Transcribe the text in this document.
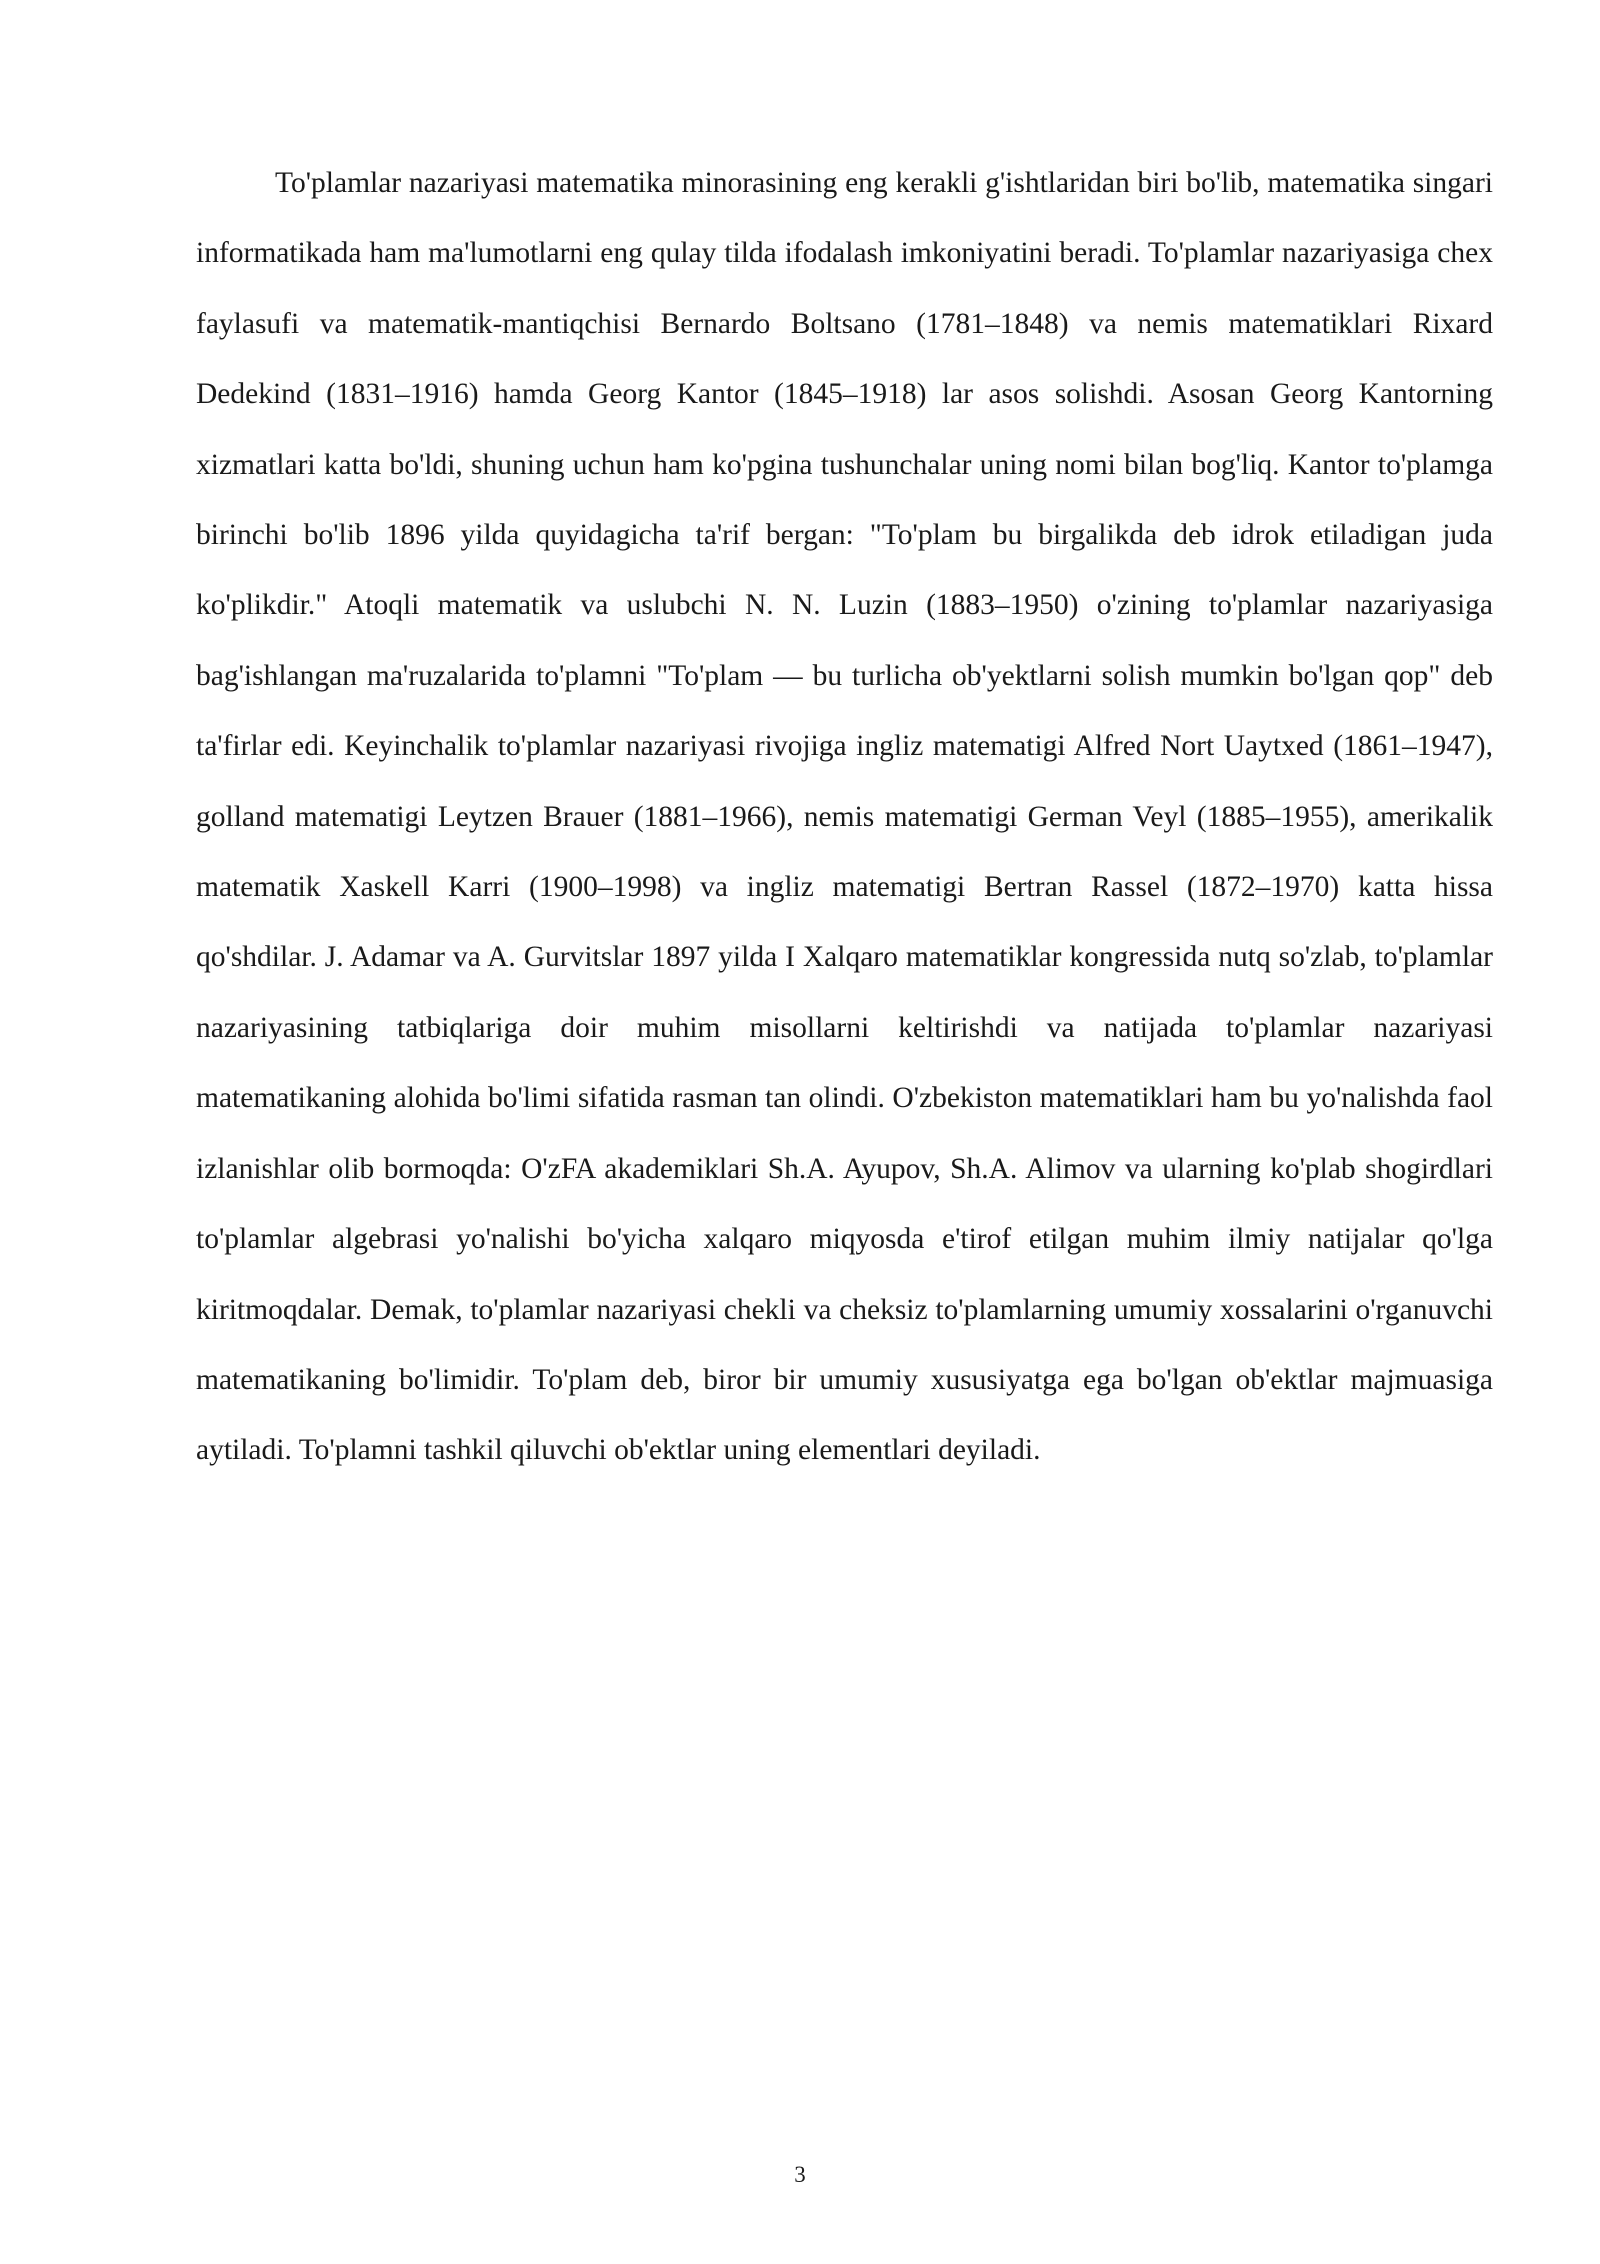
To'plamlar nazariyasi matematika minorasining eng kerakli g'ishtlaridan biri bo'lib, matematika singari informatikada ham ma'lumotlarni eng qulay tilda ifodalash imkoniyatini beradi. To'plamlar nazariyasiga chex faylasufi va matematik-mantiqchisi Bernardo Boltsano (1781–1848) va nemis matematiklari Rixard Dedekind (1831–1916) hamda Georg Kantor (1845–1918) lar asos solishdi. Asosan Georg Kantorning xizmatlari katta bo'ldi, shuning uchun ham ko'pgina tushunchalar uning nomi bilan bog'liq. Kantor to'plamga birinchi bo'lib 1896 yilda quyidagicha ta'rif bergan: "To'plam bu birgalikda deb idrok etiladigan juda ko'plikdir." Atoqli matematik va uslubchi N. N. Luzin (1883–1950) o'zining to'plamlar nazariyasiga bag'ishlangan ma'ruzalarida to'plamni "To'plam — bu turlicha ob'yektlarni solish mumkin bo'lgan qop" deb ta'firlar edi. Keyinchalik to'plamlar nazariyasi rivojiga ingliz matematigi Alfred Nort Uaytxed (1861–1947), golland matematigi Leytzen Brauer (1881–1966), nemis matematigi German Veyl (1885–1955), amerikalik matematik Xaskell Karri (1900–1998) va ingliz matematigi Bertran Rassel (1872–1970) katta hissa qo'shdilar. J. Adamar va A. Gurvitslar 1897 yilda I Xalqaro matematiklar kongressida nutq so'zlab, to'plamlar nazariyasining tatbiqlariga doir muhim misollarni keltirishdi va natijada to'plamlar nazariyasi matematikaning alohida bo'limi sifatida rasman tan olindi. O'zbekiston matematiklari ham bu yo'nalishda faol izlanishlar olib bormoqda: O'zFA akademiklari Sh.A. Ayupov, Sh.A. Alimov va ularning ko'plab shogirdlari to'plamlar algebrasi yo'nalishi bo'yicha xalqaro miqyosda e'tirof etilgan muhim ilmiy natijalar qo'lga kiritmoqdalar. Demak, to'plamlar nazariyasi chekli va cheksiz to'plamlarning umumiy xossalarini o'rganuvchi matematikaning bo'limidir. To'plam deb, biror bir umumiy xususiyatga ega bo'lgan ob'ektlar majmuasiga aytiladi. To'plamni tashkil qiluvchi ob'ektlar uning elementlari deyiladi.

3
